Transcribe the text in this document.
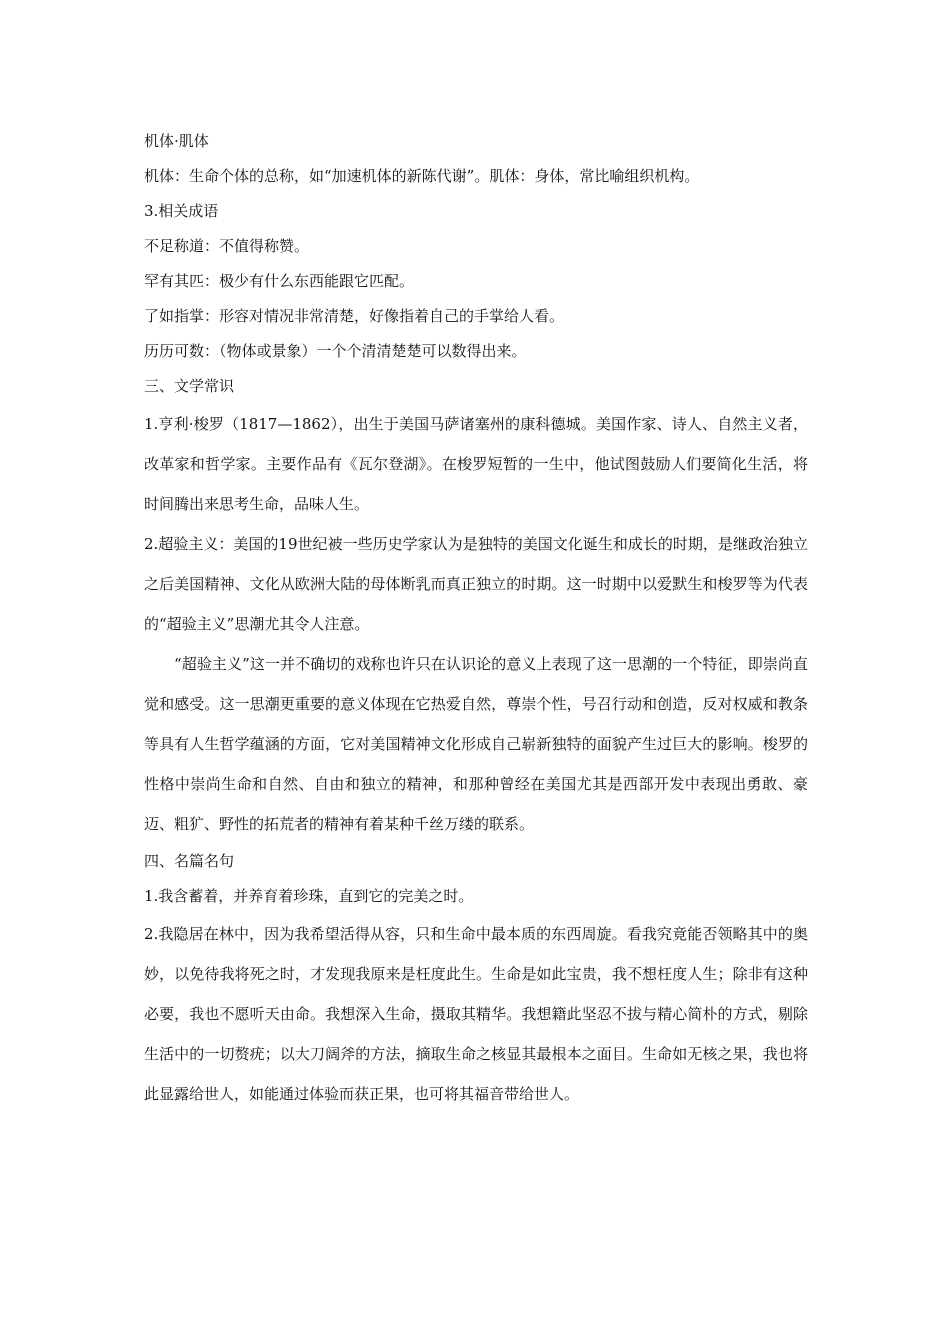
机体·肌体

机体：生命个体的总称，如“加速机体的新陈代谢”。肌体：身体，常比喻组织机构。

3.相关成语

不足称道：不值得称赞。

罕有其匹：极少有什么东西能跟它匹配。

了如指掌：形容对情况非常清楚，好像指着自己的手掌给人看。

历历可数：（物体或景象）一个个清清楚楚可以数得出来。

三、文学常识

1.亨利·梭罗（1817—1862），出生于美国马萨诸塞州的康科德城。美国作家、诗人、自然主义者，改革家和哲学家。主要作品有《瓦尔登湖》。在梭罗短暂的一生中，他试图鼓励人们要简化生活，将时间腾出来思考生命，品味人生。

2.超验主义：美国的19世纪被一些历史学家认为是独特的美国文化诞生和成长的时期，是继政治独立之后美国精神、文化从欧洲大陆的母体断乳而真正独立的时期。这一时期中以爱默生和梭罗等为代表的“超验主义”思潮尤其令人注意。

“超验主义”这一并不确切的戏称也许只在认识论的意义上表现了这一思潮的一个特征，即崇尚直觉和感受。这一思潮更重要的意义体现在它热爱自然，尊崇个性，号召行动和创造，反对权威和教条等具有人生哲学蕴涵的方面，它对美国精神文化形成自己崭新独特的面貌产生过巨大的影响。梭罗的性格中崇尚生命和自然、自由和独立的精神，和那种曾经在美国尤其是西部开发中表现出勇敢、豪迈、粗犷、野性的拓荒者的精神有着某种千丝万缕的联系。

四、名篇名句

1.我含蓄着，并养育着珍珠，直到它的完美之时。

2.我隐居在林中，因为我希望活得从容，只和生命中最本质的东西周旋。看我究竟能否领略其中的奥妙，以免待我将死之时，才发现我原来是枉度此生。生命是如此宝贵，我不想枉度人生；除非有这种必要，我也不愿听天由命。我想深入生命，摄取其精华。我想籍此坚忍不拔与精心简朴的方式，剔除生活中的一切赘疣；以大刀阔斧的方法，摘取生命之核显其最根本之面目。生命如无核之果，我也将此显露给世人，如能通过体验而获正果，也可将其福音带给世人。
